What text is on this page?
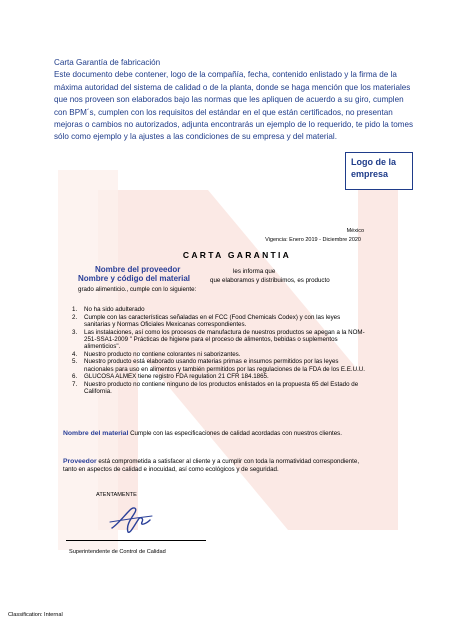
Carta Garantía de fabricación

Este documento debe contener, logo de la compañía, fecha, contenido enlistado y la firma de la máxima autoridad del sistema de calidad o de la planta, donde se haga mención que los materiales que nos proveen son elaborados bajo las normas que les apliquen de acuerdo a su giro, cumplen con BPM´s, cumplen con los requisitos del estándar en el que están certificados, no presentan mejoras o cambios no autorizados, adjunta encontrarás un ejemplo de lo requerido, te pido la tomes sólo como ejemplo y la ajustes a las condiciones de su empresa y del material.

Logo de la empresa
México
Vigencia: Enero 2019 - Diciembre 2020
CARTA GARANTIA
Nombre del proveedor	les informa que
Nombre y código del material	que elaboramos y distribuimos, es producto
grado alimenticio., cumple con lo siguiente:
1. No ha sido adulterado
2. Cumple con las características señaladas en el FCC (Food Chemicals Codex) y con las leyes sanitarias y Normas Oficiales Mexicanas correspondientes.
3. Las instalaciones, así como los procesos de manufactura de nuestros productos se apegan a la NOM-251-SSA1-2009 " Prácticas de higiene para el proceso de alimentos, bebidas o suplementos alimenticios".
4. Nuestro producto no contiene colorantes ni saborizantes.
5. Nuestro producto está elaborado usando materias primas e insumos permitidos por las leyes nacionales para uso en alimentos y también permitidos por las regulaciones de la FDA de los E.E.U.U.
6. GLUCOSA ALMEX tiene registro FDA regulation 21 CFR 184.1865.
7. Nuestro producto no contiene ninguno de los productos enlistados en la propuesta 65 del Estado de California.
Nombre del material Cumple con las especificaciones de calidad acordadas con nuestros clientes.
Proveedor está comprometida a satisfacer al cliente y a cumplir con toda la normatividad correspondiente, tanto en aspectos de calidad e inocuidad, así como ecológicos y de seguridad.
ATENTAMENTE
Superintendente de Control de Calidad
Classification: Internal
